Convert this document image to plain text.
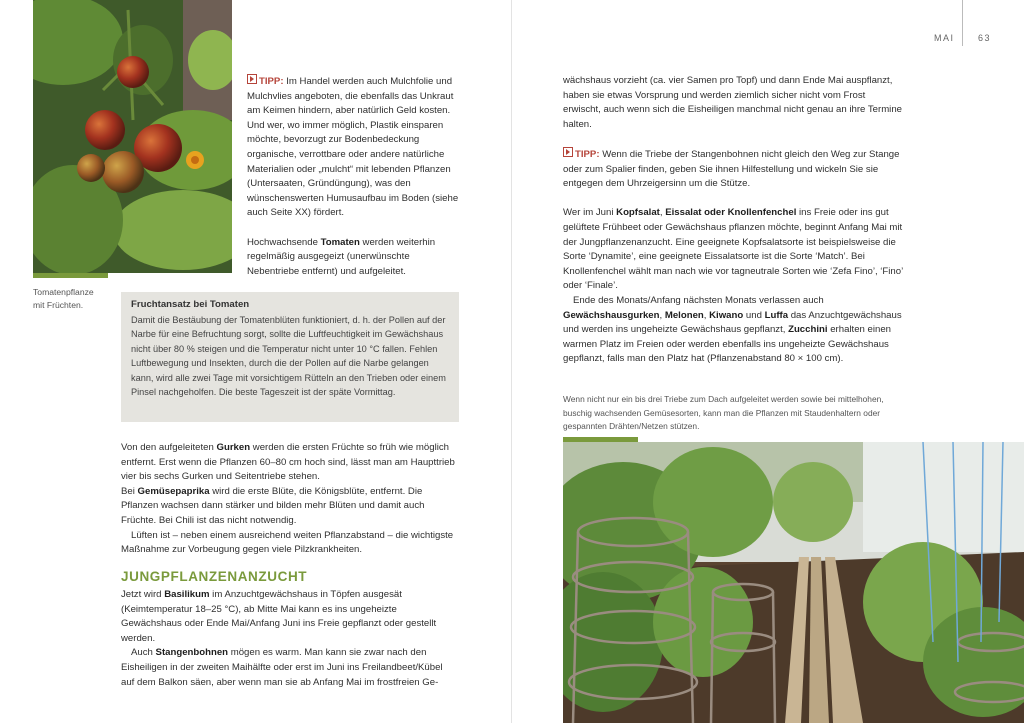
Tomatenpflanze
mit Früchten.

TIPP: Im Handel werden auch Mulchfolie und Mulchvlies angeboten, die ebenfalls das Unkraut am Keimen hindern, aber natürlich Geld kosten. Und wer, wo immer möglich, Plastik einsparen möchte, bevorzugt zur Bodenbedeckung organische, verrottbare oder andere natürliche Materialien oder „mulcht“ mit lebenden Pflanzen (Untersaaten, Gründüngung), was den wünschenswerten Humusaufbau im Boden (siehe auch Seite XX) fördert.

Hochwachsende Tomaten werden weiterhin regelmäßig ausgegeizt (unerwünschte Nebentriebe entfernt) und aufgeleitet.

Fruchtansatz bei Tomaten
Damit die Bestäubung der Tomatenblüten funktioniert, d. h. der Pollen auf der Narbe für eine Befruchtung sorgt, sollte die Luftfeuchtigkeit im Gewächshaus nicht über 80 % steigen und die Temperatur nicht unter 10 °C fallen. Fehlen Luftbewegung und Insekten, durch die der Pollen auf die Narbe gelangen kann, wird alle zwei Tage mit vorsichtigem Rütteln an den Trieben oder einem Pinsel nachgeholfen. Die beste Tageszeit ist der späte Vormittag.

Von den aufgeleiteten Gurken werden die ersten Früchte so früh wie möglich entfernt. Erst wenn die Pflanzen 60–80 cm hoch sind, lässt man am Haupttrieb vier bis sechs Gurken und Seitentriebe stehen.

Bei Gemüsepaprika wird die erste Blüte, die Königsblüte, entfernt. Die Pflanzen wachsen dann stärker und bilden mehr Blüten und damit auch Früchte. Bei Chili ist das nicht notwendig.

Lüften ist – neben einem ausreichend weiten Pflanzabstand – die wichtigste Maßnahme zur Vorbeugung gegen viele Pilzkrankheiten.

JUNGPFLANZENANZUCHT

Jetzt wird Basilikum im Anzuchtgewächshaus in Töpfen ausgesät (Keimtemperatur 18–25 °C), ab Mitte Mai kann es ins ungeheizte Gewächshaus oder Ende Mai/Anfang Juni ins Freie gepflanzt oder gestellt werden.

Auch Stangenbohnen mögen es warm. Man kann sie zwar nach den Eisheiligen in der zweiten Maihälfte oder erst im Juni ins Freilandbeet/Kübel auf dem Balkon säen, aber wenn man sie ab Anfang Mai im frostfreien Ge-

MAI	63

wächshaus vorzieht (ca. vier Samen pro Topf) und dann Ende Mai auspflanzt, haben sie etwas Vorsprung und werden ziemlich sicher nicht vom Frost erwischt, auch wenn sich die Eisheiligen manchmal nicht genau an ihre Termine halten.

TIPP: Wenn die Triebe der Stangenbohnen nicht gleich den Weg zur Stange oder zum Spalier finden, geben Sie ihnen Hilfestellung und wickeln Sie sie entgegen dem Uhrzeigersinn um die Stütze.

Wer im Juni Kopfsalat, Eissalat oder Knollenfenchel ins Freie oder ins gut gelüftete Frühbeet oder Gewächshaus pflanzen möchte, beginnt Anfang Mai mit der Jungpflanzenanzucht. Eine geeignete Kopfsalatsorte ist beispielsweise die Sorte ‘Dynamite’, eine geeignete Eissalatsorte ist die Sorte ‘Match’. Bei Knollenfenchel wählt man nach wie vor tagneutrale Sorten wie ‘Zefa Fino’, ‘Fino’ oder ‘Finale’.

Ende des Monats/Anfang nächsten Monats verlassen auch Gewächshausgurken, Melonen, Kiwano und Luffa das Anzuchtgewächshaus und werden ins ungeheizte Gewächshaus gepflanzt, Zucchini erhalten einen warmen Platz im Freien oder werden ebenfalls ins ungeheizte Gewächshaus gepflanzt, falls man den Platz hat (Pflanzenabstand 80 × 100 cm).

Wenn nicht nur ein bis drei Triebe zum Dach aufgeleitet werden sowie bei mittelhohen, buschig wachsenden Gemüsesorten, kann man die Pflanzen mit Staudenhaltern oder gespannten Drähten/Netzen stützen.
